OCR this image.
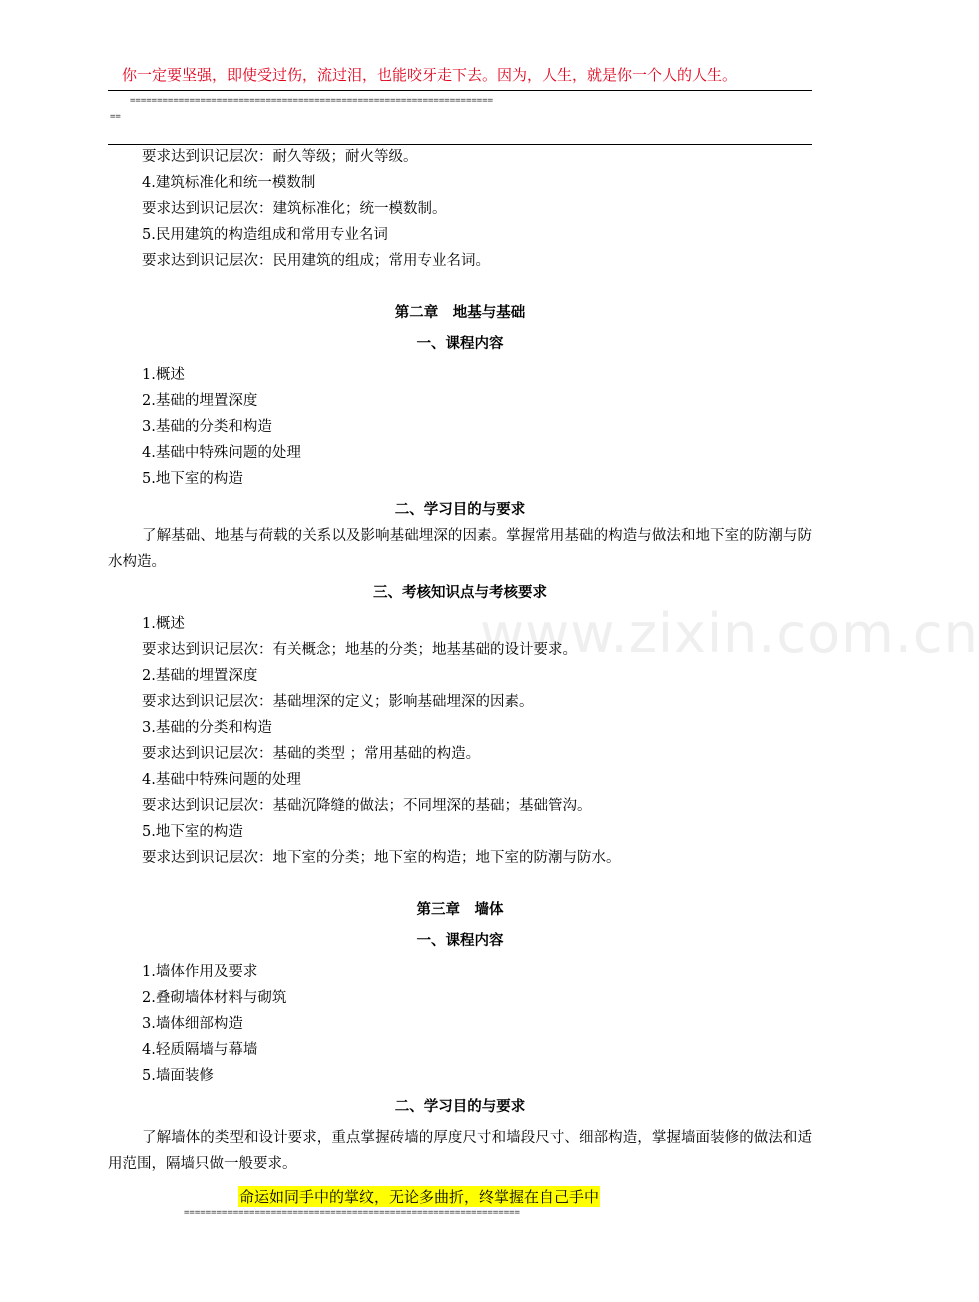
你一定要坚强，即使受过伤，流过泪，也能咬牙走下去。因为，人生，就是你一个人的人生。
===================================================================
==
www.zixin.com.cn
要求达到识记层次：耐久等级；耐火等级。
4.建筑标准化和统一模数制
要求达到识记层次：建筑标准化；统一模数制。
5.民用建筑的构造组成和常用专业名词
要求达到识记层次：民用建筑的组成；常用专业名词。
第二章　地基与基础
一、课程内容
1.概述
2.基础的埋置深度
3.基础的分类和构造
4.基础中特殊问题的处理
5.地下室的构造
二、学习目的与要求
了解基础、地基与荷载的关系以及影响基础埋深的因素。掌握常用基础的构造与做法和地下室的防潮与防水构造。
三、考核知识点与考核要求
1.概述
要求达到识记层次：有关概念；地基的分类；地基基础的设计要求。
2.基础的埋置深度
要求达到识记层次：基础埋深的定义；影响基础埋深的因素。
3.基础的分类和构造
要求达到识记层次：基础的类型 ；常用基础的构造。
4.基础中特殊问题的处理
要求达到识记层次：基础沉降缝的做法；不同埋深的基础；基础管沟。
5.地下室的构造
要求达到识记层次：地下室的分类；地下室的构造；地下室的防潮与防水。
第三章　墙体
一、课程内容
1.墙体作用及要求
2.叠砌墙体材料与砌筑
3.墙体细部构造
4.轻质隔墙与幕墙
5.墙面装修
二、学习目的与要求
了解墙体的类型和设计要求，重点掌握砖墙的厚度尺寸和墙段尺寸、细部构造，掌握墙面装修的做法和适用范围，隔墙只做一般要求。
命运如同手中的掌纹，无论多曲折，终掌握在自己手中
==============================================================
